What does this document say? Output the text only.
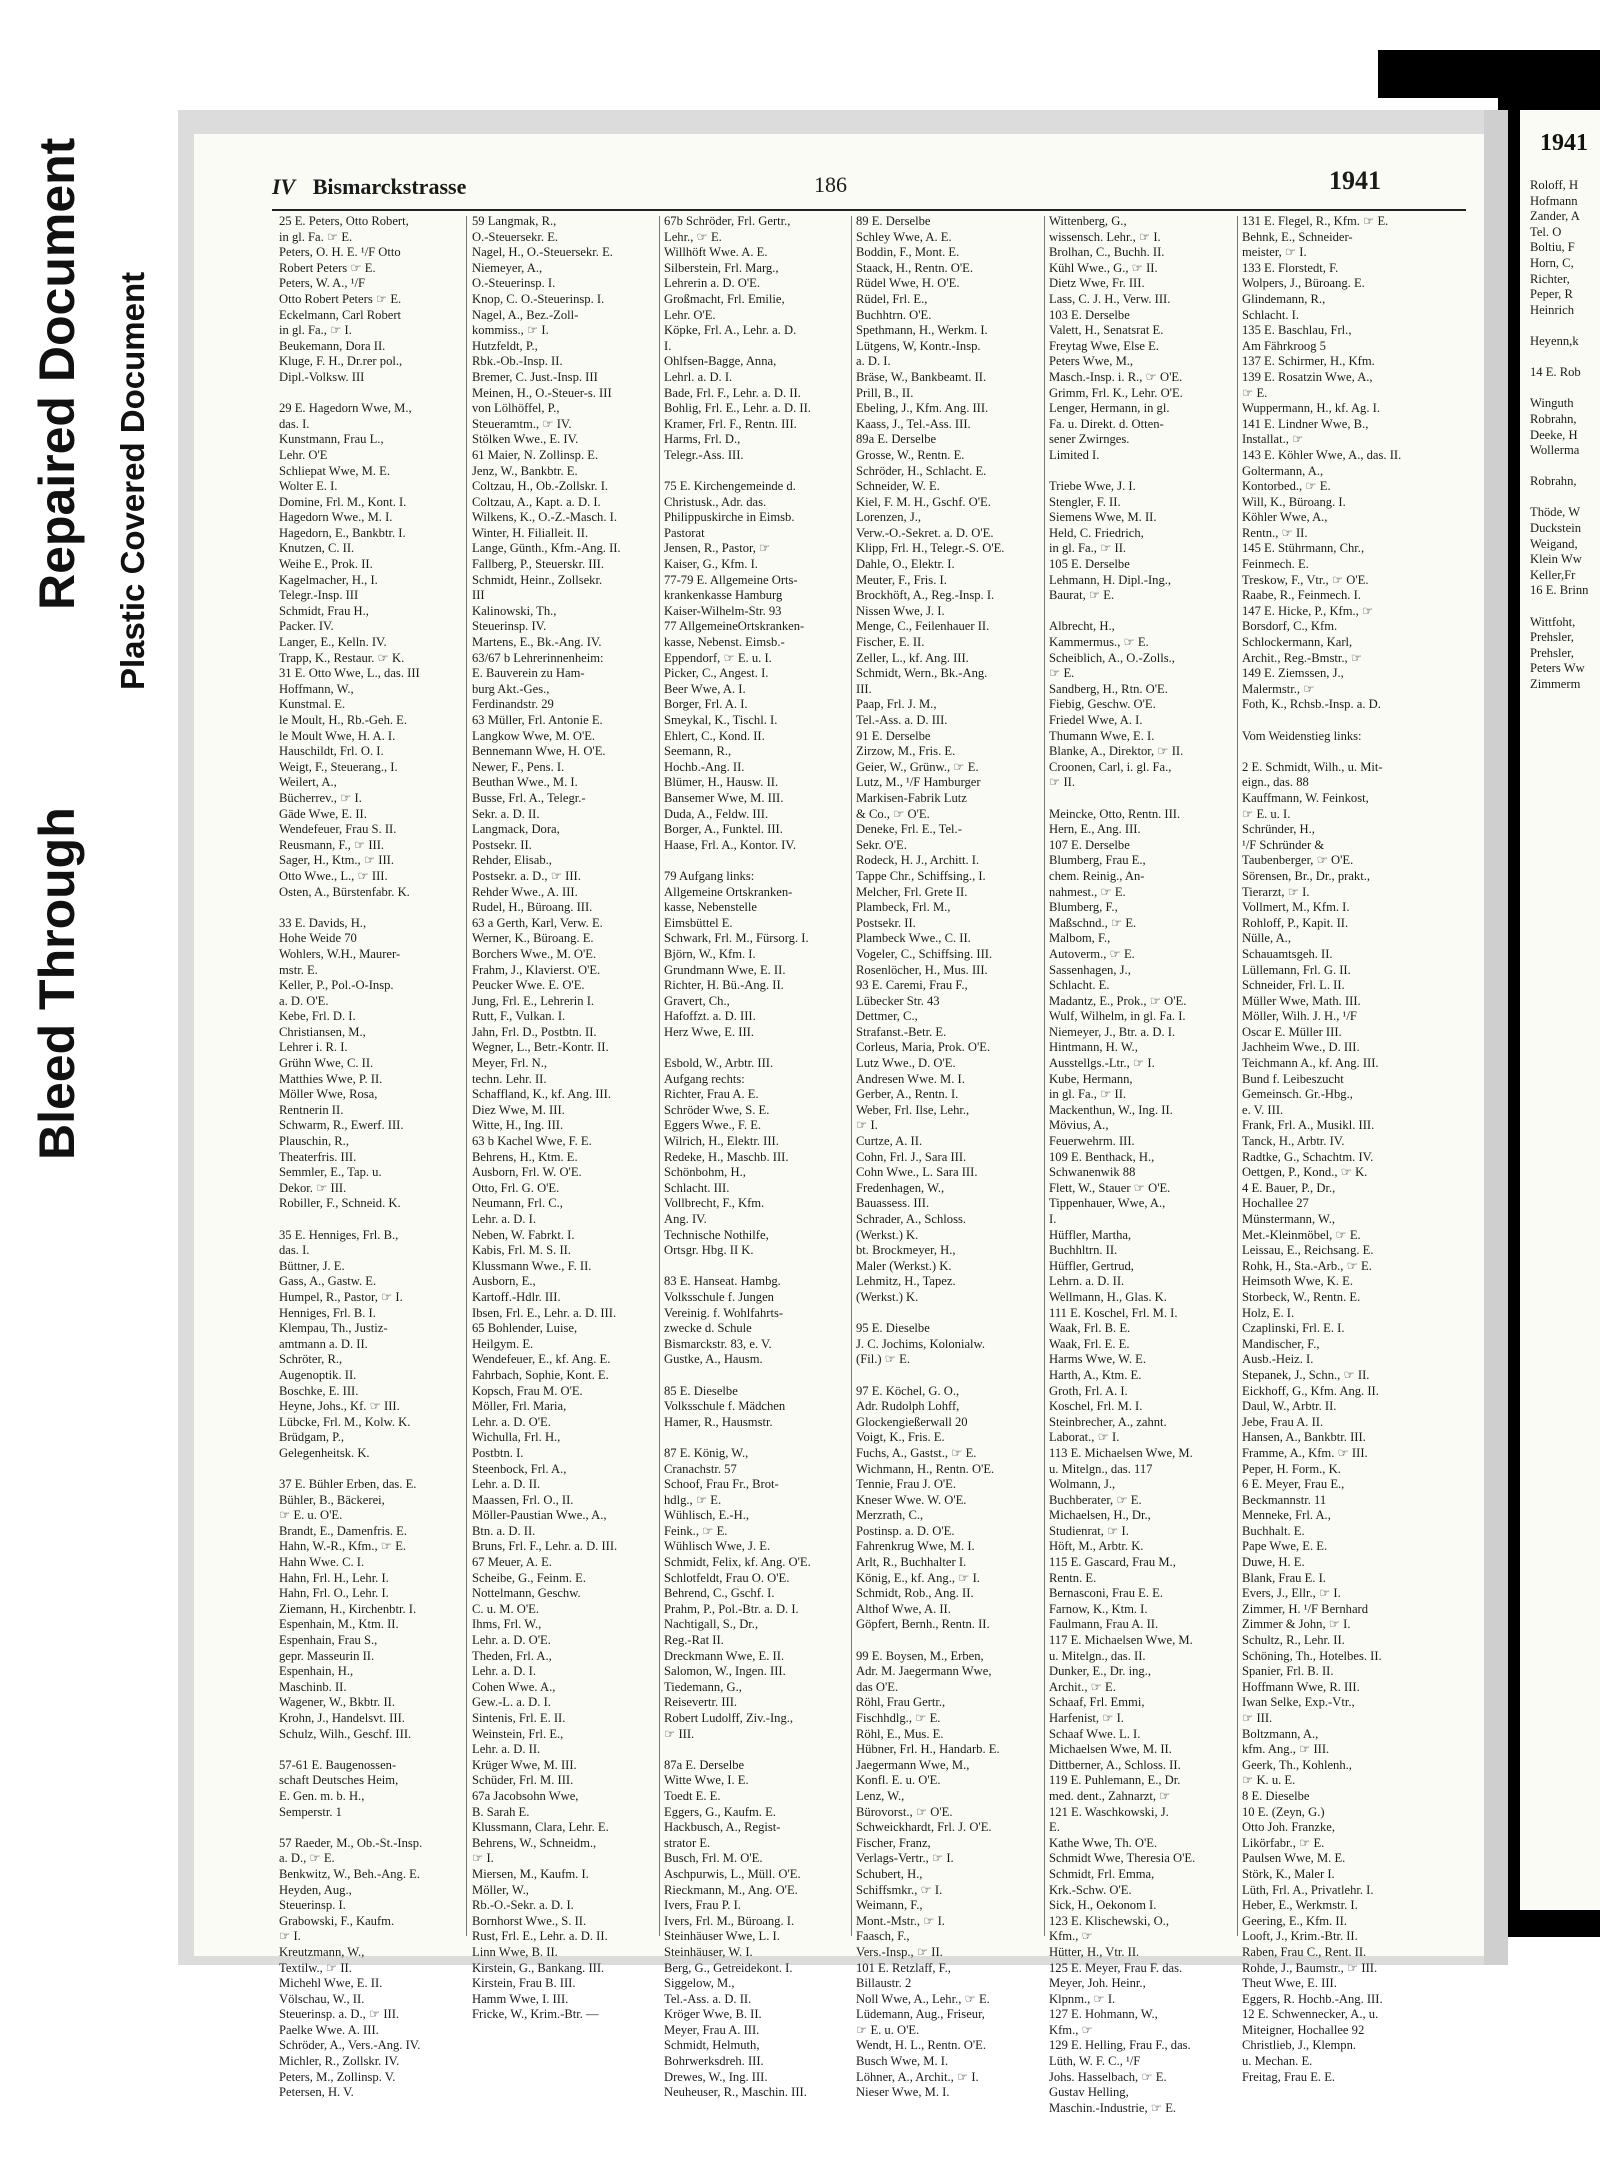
Bleed Through
Repaired Document Plastic Covered Document
IV Bismarckstrasse	186	1941
25 E. Peters, Otto Robert,
in gl. Fa. ☞ E.
Peters, O. H. E. ¹/F Otto
Robert Peters ☞ E.
Peters, W. A., ¹/F
Otto Robert Peters ☞ E.
Eckelmann, Carl Robert
in gl. Fa., ☞ I.
Beukemann, Dora II.
Kluge, F. H., Dr.rer pol.,
Dipl.-Volksw. III

29 E. Hagedorn Wwe, M.,
das. I.
Kunstmann, Frau L.,
Lehr. O'E
Schliepat Wwe, M. E.
Wolter E. I.
Domine, Frl. M., Kont. I.
Hagedorn Wwe., M. I.
Hagedorn, E., Bankbtr. I.
Knutzen, C. II.
Weihe E., Prok. II.
Kagelmacher, H., I.
Telegr.-Insp. III
Schmidt, Frau H.,
Packer. IV.
Langer, E., Kelln. IV.
Trapp, K., Restaur. ☞ K.
31 E. Otto Wwe, L., das. III
Hoffmann, W.,
Kunstmal. E.
le Moult, H., Rb.-Geh. E.
le Moult Wwe, H. A. I.
Hauschildt, Frl. O. I.
Weigt, F., Steuerang., I.
Weilert, A.,
Bücherrev., ☞ I.
Gäde Wwe, E. II.
Wendefeuer, Frau S. II.
Reusmann, F., ☞ III.
Sager, H., Ktm., ☞ III.
Otto Wwe., L., ☞ III.
Osten, A., Bürstenfabr. K.

33 E. Davids, H.,
Hohe Weide 70
Wohlers, W.H., Maurer-
mstr. E.
Keller, P., Pol.-O-Insp.
a. D. O'E.
Kebe, Frl. D. I.
Christiansen, M.,
Lehrer i. R. I.
Grühn Wwe, C. II.
Matthies Wwe, P. II.
Möller Wwe, Rosa,
Rentnerin II.
Schwarm, R., Ewerf. III.
Plauschin, R.,
Theaterfris. III.
Semmler, E., Tap. u.
Dekor. ☞ III.
Robiller, F., Schneid. K.

35 E. Henniges, Frl. B.,
das. I.
Büttner, J. E.
Gass, A., Gastw. E.
Humpel, R., Pastor, ☞ I.
Henniges, Frl. B. I.
Klempau, Th., Justiz-
amtmann a. D. II.
Schröter, R.,
Augenoptik. II.
Boschke, E. III.
Heyne, Johs., Kf. ☞ III.
Lübcke, Frl. M., Kolw. K.
Brüdgam, P.,
Gelegenheitsk. K.

37 E. Bühler Erben, das. E.
Bühler, B., Bäckerei,
☞ E. u. O'E.
Brandt, E., Damenfris. E.
Hahn, W.-R., Kfm., ☞ E.
Hahn Wwe. C. I.
Hahn, Frl. H., Lehr. I.
Hahn, Frl. O., Lehr. I.
Ziemann, H., Kirchenbtr. I.
Espenhain, M., Ktm. II.
Espenhain, Frau S.,
gepr. Masseurin II.
Espenhain, H.,
Maschinb. II.
Wagener, W., Bkbtr. II.
Krohn, J., Handelsvt. III.
Schulz, Wilh., Geschf. III.

57-61 E. Baugenossen-
schaft Deutsches Heim,
E. Gen. m. b. H.,
Semperstr. 1

57 Raeder, M., Ob.-St.-Insp.
a. D., ☞ E.
Benkwitz, W., Beh.-Ang. E.
Heyden, Aug.,
Steuerinsp. I.
Grabowski, F., Kaufm.
☞ I.
Kreutzmann, W.,
Textilw., ☞ II.
Michehl Wwe, E. II.
Völschau, W., II.
Steuerinsp. a. D., ☞ III.
Paelke Wwe. A. III.
Schröder, A., Vers.-Ang. IV.
Michler, R., Zollskr. IV.
Peters, M., Zollinsp. V.
Petersen, H. V.
59 Langmak, R.,
O.-Steuersekr. E.
Nagel, H., O.-Steuersekr. E.
Niemeyer, A.,
O.-Steuerinsp. I.
Knop, C. O.-Steuerinsp. I.
Nagel, A., Bez.-Zoll-
kommiss., ☞ I.
Hutzfeldt, P.,
Rbk.-Ob.-Insp. II.
Bremer, C. Just.-Insp. III
Meinen, H., O.-Steuer-s. III
von Lölhöffel, P.,
Steueramtm., ☞ IV.
Stölken Wwe., E. IV.
61 Maier, N. Zollinsp. E.
Jenz, W., Bankbtr. E.
Coltzau, H., Ob.-Zollskr. I.
Coltzau, A., Kapt. a. D. I.
Wilkens, K., O.-Z.-Masch. I.
Winter, H. Filialleit. II.
Lange, Günth., Kfm.-Ang. II.
Fallberg, P., Steuerskr. III.
Schmidt, Heinr., Zollsekr.
III
Kalinowski, Th.,
Steuerinsp. IV.
Martens, E., Bk.-Ang. IV.
63/67 b Lehrerinnenheim:
E. Bauverein zu Ham-
burg Akt.-Ges.,
Ferdinandstr. 29
63 Müller, Frl. Antonie E.
Langkow Wwe, M. O'E.
Bennemann Wwe, H. O'E.
Newer, F., Pens. I.
Beuthan Wwe., M. I.
Busse, Frl. A., Telegr.-
Sekr. a. D. II.
Langmack, Dora,
Postsekr. II.
Rehder, Elisab.,
Postsekr. a. D., ☞ III.
Rehder Wwe., A. III.
Rudel, H., Büroang. III.
63 a Gerth, Karl, Verw. E.
Werner, K., Büroang. E.
Borchers Wwe., M. O'E.
Frahm, J., Klavierst. O'E.
Peucker Wwe. E. O'E.
Jung, Frl. E., Lehrerin I.
Rutt, F., Vulkan. I.
Jahn, Frl. D., Postbtn. II.
Wegner, L., Betr.-Kontr. II.
Meyer, Frl. N.,
techn. Lehr. II.
Schaffland, K., kf. Ang. III.
Diez Wwe, M. III.
Witte, H., Ing. III.
63 b Kachel Wwe, F. E.
Behrens, H., Ktm. E.
Ausborn, Frl. W. O'E.
Otto, Frl. G. O'E.
Neumann, Frl. C.,
Lehr. a. D. I.
Neben, W. Fabrkt. I.
Kabis, Frl. M. S. II.
Klussmann Wwe., F. II.
Ausborn, E.,
Kartoff.-Hdlr. III.
Ibsen, Frl. E., Lehr. a. D. III.
65 Bohlender, Luise,
Heilgym. E.
Wendefeuer, E., kf. Ang. E.
Fahrbach, Sophie, Kont. E.
Kopsch, Frau M. O'E.
Möller, Frl. Maria,
Lehr. a. D. O'E.
Wichulla, Frl. H.,
Postbtn. I.
Steenbock, Frl. A.,
Lehr. a. D. II.
Maassen, Frl. O., II.
Möller-Paustian Wwe., A.,
Btn. a. D. II.
Bruns, Frl. F., Lehr. a. D. III.
67 Meuer, A. E.
Scheibe, G., Feinm. E.
Nottelmann, Geschw.
C. u. M. O'E.
Ihms, Frl. W.,
Lehr. a. D. O'E.
Theden, Frl. A.,
Lehr. a. D. I.
Cohen Wwe. A.,
Gew.-L. a. D. I.
Sintenis, Frl. E. II.
Weinstein, Frl. E.,
Lehr. a. D. II.
Krüger Wwe, M. III.
Schüder, Frl. M. III.
67a Jacobsohn Wwe,
B. Sarah E.
Klussmann, Clara, Lehr. E.
Behrens, W., Schneidm.,
☞ I.
Miersen, M., Kaufm. I.
Möller, W.,
Rb.-O.-Sekr. a. D. I.
Bornhorst Wwe., S. II.
Rust, Frl. E., Lehr. a. D. II.
Linn Wwe, B. II.
Kirstein, G., Bankang. III.
Kirstein, Frau B. III.
Hamm Wwe, I. III.
Fricke, W., Krim.-Btr. —
67b Schröder, Frl. Gertr.,
Lehr., ☞ E.
Willhöft Wwe. A. E.
Silberstein, Frl. Marg.,
Lehrerin a. D. O'E.
Großmacht, Frl. Emilie,
Lehr. O'E.
Köpke, Frl. A., Lehr. a. D.
I.
Ohlfsen-Bagge, Anna,
Lehrl. a. D. I.
Bade, Frl. F., Lehr. a. D. II.
Bohlig, Frl. E., Lehr. a. D. II.
Kramer, Frl. F., Rentn. III.
Harms, Frl. D.,
Telegr.-Ass. III.

75 E. Kirchengemeinde d.
Christusk., Adr. das.
Philippuskirche in Eimsb.
Pastorat
Jensen, R., Pastor, ☞
Kaiser, G., Kfm. I.
77-79 E. Allgemeine Orts-
krankenkasse Hamburg
Kaiser-Wilhelm-Str. 93
77 AllgemeineOrtskranken-
kasse, Nebenst. Eimsb.-
Eppendorf, ☞ E. u. I.
Picker, C., Angest. I.
Beer Wwe, A. I.
Borger, Frl. A. I.
Smeykal, K., Tischl. I.
Ehlert, C., Kond. II.
Seemann, R.,
Hochb.-Ang. II.
Blümer, H., Hausw. II.
Bansemer Wwe, M. III.
Duda, A., Feldw. III.
Borger, A., Funktel. III.
Haase, Frl. A., Kontor. IV.

79 Aufgang links:
Allgemeine Ortskranken-
kasse, Nebenstelle
Eimsbüttel E.
Schwark, Frl. M., Fürsorg. I.
Björn, W., Kfm. I.
Grundmann Wwe, E. II.
Richter, H. Bü.-Ang. II.
Gravert, Ch.,
Hafoffzt. a. D. III.
Herz Wwe, E. III.

Esbold, W., Arbtr. III.
Aufgang rechts:
Richter, Frau A. E.
Schröder Wwe, S. E.
Eggers Wwe., F. E.
Wilrich, H., Elektr. III.
Redeke, H., Maschb. III.
Schönbohm, H.,
Schlacht. III.
Vollbrecht, F., Kfm.
Ang. IV.
Technische Nothilfe,
Ortsgr. Hbg. II K.

83 E. Hanseat. Hambg.
Volksschule f. Jungen
Vereinig. f. Wohlfahrts-
zwecke d. Schule
Bismarckstr. 83, e. V.
Gustke, A., Hausm.

85 E. Dieselbe
Volksschule f. Mädchen
Hamer, R., Hausmstr.

87 E. König, W.,
Cranachstr. 57
Schoof, Frau Fr., Brot-
hdlg., ☞ E.
Wühlisch, E.-H.,
Feink., ☞ E.
Wühlisch Wwe, J. E.
Schmidt, Felix, kf. Ang. O'E.
Schlotfeldt, Frau O. O'E.
Behrend, C., Gschf. I.
Prahm, P., Pol.-Btr. a. D. I.
Nachtigall, S., Dr.,
Reg.-Rat II.
Dreckmann Wwe, E. II.
Salomon, W., Ingen. III.
Tiedemann, G.,
Reisevertr. III.
Robert Ludolff, Ziv.-Ing.,
☞ III.

87a E. Derselbe
Witte Wwe, I. E.
Toedt E. E.
Eggers, G., Kaufm. E.
Hackbusch, A., Regist-
strator E.
Busch, Frl. M. O'E.
Aschpurwis, L., Müll. O'E.
Rieckmann, M., Ang. O'E.
Ivers, Frau P. I.
Ivers, Frl. M., Büroang. I.
Steinhäuser Wwe, L. I.
Steinhäuser, W. I.
Berg, G., Getreidekont. I.
Siggelow, M.,
Tel.-Ass. a. D. II.
Kröger Wwe, B. II.
Meyer, Frau A. III.
Schmidt, Helmuth,
Bohrwerksdreh. III.
Drewes, W., Ing. III.
Neuheuser, R., Maschin. III.
89 E. Derselbe
Schley Wwe, A. E.
Boddin, F., Mont. E.
Staack, H., Rentn. O'E.
Rüdel Wwe, H. O'E.
Rüdel, Frl. E.,
Buchhtrn. O'E.
Spethmann, H., Werkm. I.
Lütgens, W, Kontr.-Insp.
a. D. I.
Bräse, W., Bankbeamt. II.
Prill, B., II.
Ebeling, J., Kfm. Ang. III.
Kaass, J., Tel.-Ass. III.
89a E. Derselbe
Grosse, W., Rentn. E.
Schröder, H., Schlacht. E.
Schneider, W. E.
Kiel, F. M. H., Gschf. O'E.
Lorenzen, J.,
Verw.-O.-Sekret. a. D. O'E.
Klipp, Frl. H., Telegr.-S. O'E.
Dahle, O., Elektr. I.
Meuter, F., Fris. I.
Brockhöft, A., Reg.-Insp. I.
Nissen Wwe, J. I.
Menge, C., Feilenhauer II.
Fischer, E. II.
Zeller, L., kf. Ang. III.
Schmidt, Wern., Bk.-Ang.
III.
Paap, Frl. J. M.,
Tel.-Ass. a. D. III.
91 E. Derselbe
Zirzow, M., Fris. E.
Geier, W., Grünw., ☞ E.
Lutz, M., ¹/F Hamburger
Markisen-Fabrik Lutz
& Co., ☞ O'E.
Deneke, Frl. E., Tel.-
Sekr. O'E.
Rodeck, H. J., Architt. I.
Tappe Chr., Schiffsing., I.
Melcher, Frl. Grete II.
Plambeck, Frl. M.,
Postsekr. II.
Plambeck Wwe., C. II.
Vogeler, C., Schiffsing. III.
Rosenlöcher, H., Mus. III.
93 E. Caremi, Frau F.,
Lübecker Str. 43
Dettmer, C.,
Strafanst.-Betr. E.
Corleus, Maria, Prok. O'E.
Lutz Wwe., D. O'E.
Andresen Wwe. M. I.
Gerber, A., Rentn. I.
Weber, Frl. Ilse, Lehr.,
☞ I.
Curtze, A. II.
Cohn, Frl. J., Sara III.
Cohn Wwe., L. Sara III.
Fredenhagen, W.,
Bauassess. III.
Schrader, A., Schloss.
(Werkst.) K.
bt. Brockmeyer, H.,
Maler (Werkst.) K.
Lehmitz, H., Tapez.
(Werkst.) K.

95 E. Dieselbe
J. C. Jochims, Kolonialw.
(Fil.) ☞ E.

97 E. Köchel, G. O.,
Adr. Rudolph Lohff,
Glockengießerwall 20
Voigt, K., Fris. E.
Fuchs, A., Gastst., ☞ E.
Wichmann, H., Rentn. O'E.
Tennie, Frau J. O'E.
Kneser Wwe. W. O'E.
Merzrath, C.,
Postinsp. a. D. O'E.
Fahrenkrug Wwe, M. I.
Arlt, R., Buchhalter I.
König, E., kf. Ang., ☞ I.
Schmidt, Rob., Ang. II.
Althof Wwe, A. II.
Göpfert, Bernh., Rentn. II.

99 E. Boysen, M., Erben,
Adr. M. Jaegermann Wwe,
das O'E.
Röhl, Frau Gertr.,
Fischhdlg., ☞ E.
Röhl, E., Mus. E.
Hübner, Frl. H., Handarb. E.
Jaegermann Wwe, M.,
Konfl. E. u. O'E.
Lenz, W.,
Bürovorst., ☞ O'E.
Schweickhardt, Frl. J. O'E.
Fischer, Franz,
Verlags-Vertr., ☞ I.
Schubert, H.,
Schiffsmkr., ☞ I.
Weimann, F.,
Mont.-Mstr., ☞ I.
Faasch, F.,
Vers.-Insp., ☞ II.
101 E. Retzlaff, F.,
Billaustr. 2
Noll Wwe, A., Lehr., ☞ E.
Lüdemann, Aug., Friseur,
☞ E. u. O'E.
Wendt, H. L., Rentn. O'E.
Busch Wwe, M. I.
Löhner, A., Archit., ☞ I.
Nieser Wwe, M. I.
Wittenberg, G.,
wissensch. Lehr., ☞ I.
Brolhan, C., Buchh. II.
Kühl Wwe., G., ☞ II.
Dietz Wwe, Fr. III.
Lass, C. J. H., Verw. III.
103 E. Derselbe
Valett, H., Senatsrat E.
Freytag Wwe, Else E.
Peters Wwe, M.,
Masch.-Insp. i. R., ☞ O'E.
Grimm, Frl. K., Lehr. O'E.
Lenger, Hermann, in gl.
Fa. u. Direkt. d. Otten-
sener Zwirnges.
Limited I.

Triebe Wwe, J. I.
Stengler, F. II.
Siemens Wwe, M. II.
Held, C. Friedrich,
in gl. Fa., ☞ II.
105 E. Derselbe
Lehmann, H. Dipl.-Ing.,
Baurat, ☞ E.

Albrecht, H.,
Kammermus., ☞ E.
Scheiblich, A., O.-Zolls.,
☞ E.
Sandberg, H., Rtn. O'E.
Fiebig, Geschw. O'E.
Friedel Wwe, A. I.
Thumann Wwe, E. I.
Blanke, A., Direktor, ☞ II.
Croonen, Carl, i. gl. Fa.,
☞ II.

Meincke, Otto, Rentn. III.
Hern, E., Ang. III.
107 E. Derselbe
Blumberg, Frau E.,
chem. Reinig., An-
nahmest., ☞ E.
Blumberg, F.,
Maßschnd., ☞ E.
Malbom, F.,
Autoverm., ☞ E.
Sassenhagen, J.,
Schlacht. E.
Madantz, E., Prok., ☞ O'E.
Wulf, Wilhelm, in gl. Fa. I.
Niemeyer, J., Btr. a. D. I.
Hintmann, H. W.,
Ausstellgs.-Ltr., ☞ I.
Kube, Hermann,
in gl. Fa., ☞ II.
Mackenthun, W., Ing. II.
Mövius, A.,
Feuerwehrm. III.
109 E. Benthack, H.,
Schwanenwik 88
Flett, W., Stauer ☞ O'E.
Tippenhauer, Wwe, A.,
I.
Hüffler, Martha,
Buchhltrn. II.
Hüffler, Gertrud,
Lehrn. a. D. II.
Wellmann, H., Glas. K.
111 E. Koschel, Frl. M. I.
Waak, Frl. B. E.
Waak, Frl. E. E.
Harms Wwe, W. E.
Harth, A., Ktm. E.
Groth, Frl. A. I.
Koschel, Frl. M. I.
Steinbrecher, A., zahnt.
Laborat., ☞ I.
113 E. Michaelsen Wwe, M.
u. Mitelgn., das. 117
Wolmann, J.,
Buchberater, ☞ E.
Michaelsen, H., Dr.,
Studienrat, ☞ I.
Höft, M., Arbtr. K.
115 E. Gascard, Frau M.,
Rentn. E.
Bernasconi, Frau E. E.
Farnow, K., Ktm. I.
Faulmann, Frau A. II.
117 E. Michaelsen Wwe, M.
u. Mitelgn., das. II.
Dunker, E., Dr. ing.,
Archit., ☞ E.
Schaaf, Frl. Emmi,
Harfenist, ☞ I.
Schaaf Wwe. L. I.
Michaelsen Wwe, M. II.
Dittberner, A., Schloss. II.
119 E. Puhlemann, E., Dr.
med. dent., Zahnarzt, ☞
121 E. Waschkowski, J.
E.
Kathe Wwe, Th. O'E.
Schmidt Wwe, Theresia O'E.
Schmidt, Frl. Emma,
Krk.-Schw. O'E.
Sick, H., Oekonom I.
123 E. Klischewski, O.,
Kfm., ☞
Hütter, H., Vtr. II.
125 E. Meyer, Frau F. das.
Meyer, Joh. Heinr.,
Klpnm., ☞ I.
127 E. Hohmann, W.,
Kfm., ☞
129 E. Helling, Frau F., das.
Lüth, W. F. C., ¹/F
Johs. Hasselbach, ☞ E.
Gustav Helling,
Maschin.-Industrie, ☞ E.
131 E. Flegel, R., Kfm. ☞ E.
Behnk, E., Schneider-
meister, ☞ I.
133 E. Florstedt, F.
Wolpers, J., Büroang. E.
Glindemann, R.,
Schlacht. I.
135 E. Baschlau, Frl.,
Am Fährkroog 5
137 E. Schirmer, H., Kfm.
139 E. Rosatzin Wwe, A.,
☞ E.
Wuppermann, H., kf. Ag. I.
141 E. Lindner Wwe, B.,
Installat., ☞
143 E. Köhler Wwe, A., das. II.
Goltermann, A.,
Kontorbed., ☞ E.
Will, K., Büroang. I.
Köhler Wwe, A.,
Rentn., ☞ II.
145 E. Stührmann, Chr.,
Feinmech. E.
Treskow, F., Vtr., ☞ O'E.
Raabe, R., Feinmech. I.
147 E. Hicke, P., Kfm., ☞
Borsdorf, C., Kfm.
Schlockermann, Karl,
Archit., Reg.-Bmstr., ☞
149 E. Ziemssen, J.,
Malermstr., ☞
Foth, K., Rchsb.-Insp. a. D.

Vom Weidenstieg links:

2 E. Schmidt, Wilh., u. Mit-
eign., das. 88
Kauffmann, W. Feinkost,
☞ E. u. I.
Schründer, H.,
¹/F Schründer &
Taubenberger, ☞ O'E.
Sörensen, Br., Dr., prakt.,
Tierarzt, ☞ I.
Vollmert, M., Kfm. I.
Rohloff, P., Kapit. II.
Nülle, A.,
Schauamtsgeh. II.
Lüllemann, Frl. G. II.
Schneider, Frl. L. II.
Müller Wwe, Math. III.
Möller, Wilh. J. H., ¹/F
Oscar E. Müller III.
Jachheim Wwe., D. III.
Teichmann A., kf. Ang. III.
Bund f. Leibeszucht
Gemeinsch. Gr.-Hbg.,
e. V. III.
Frank, Frl. A., Musikl. III.
Tanck, H., Arbtr. IV.
Radtke, G., Schachtm. IV.
Oettgen, P., Kond., ☞ K.
4 E. Bauer, P., Dr.,
Hochallee 27
Münstermann, W.,
Met.-Kleinmöbel, ☞ E.
Leissau, E., Reichsang. E.
Rohk, H., Sta.-Arb., ☞ E.
Heimsoth Wwe, K. E.
Storbeck, W., Rentn. E.
Holz, E. I.
Czaplinski, Frl. E. I.
Mandischer, F.,
Ausb.-Heiz. I.
Stepanek, J., Schn., ☞ II.
Eickhoff, G., Kfm. Ang. II.
Daul, W., Arbtr. II.
Jebe, Frau A. II.
Hansen, A., Bankbtr. III.
Framme, A., Kfm. ☞ III.
Peper, H. Form., K.
6 E. Meyer, Frau E.,
Beckmannstr. 11
Menneke, Frl. A.,
Buchhalt. E.
Pape Wwe, E. E.
Duwe, H. E.
Blank, Frau E. I.
Evers, J., Ellr., ☞ I.
Zimmer, H. ¹/F Bernhard
Zimmer & John, ☞ I.
Schultz, R., Lehr. II.
Schöning, Th., Hotelbes. II.
Spanier, Frl. B. II.
Hoffmann Wwe, R. III.
Iwan Selke, Exp.-Vtr.,
☞ III.
Boltzmann, A.,
kfm. Ang., ☞ III.
Geerk, Th., Kohlenh.,
☞ K. u. E.
8 E. Dieselbe
10 E. (Zeyn, G.)
Otto Joh. Franzke,
Likörfabr., ☞ E.
Paulsen Wwe, M. E.
Störk, K., Maler I.
Lüth, Frl. A., Privatlehr. I.
Heber, E., Werkmstr. I.
Geering, E., Kfm. II.
Looft, J., Krim.-Btr. II.
Raben, Frau C., Rent. II.
Rohde, J., Baumstr., ☞ III.
Theut Wwe, E. III.
Eggers, R. Hochb.-Ang. III.
12 E. Schwennecker, A., u.
Miteigner, Hochallee 92
Christlieb, J., Klempn.
u. Mechan. E.
Freitag, Frau E. E.
1941
Roloff, H
Hofmann
Zander, A
Tel. O
Boltiu, F
Horn, C,
Richter,
Peper, R
Heinrich

Heyenn,k

14 E. Rob

Winguth
Robrahn,
Deeke, H
Wollerma

Robrahn,

Thöde, W
Duckstein
Weigand,
Klein Ww
Keller,Fr
16 E. Brinn

Wittfoht,
Prehsler,
Prehsler,
Peters Ww
Zimmerm
